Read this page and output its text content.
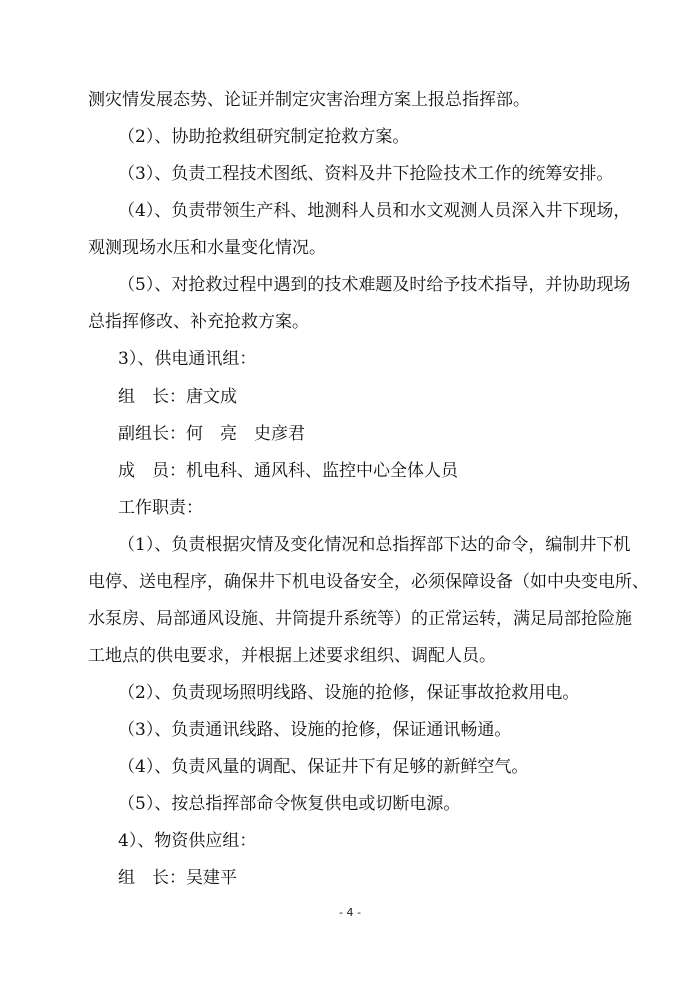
测灾情发展态势、论证并制定灾害治理方案上报总指挥部。
（2）、协助抢救组研究制定抢救方案。
（3）、负责工程技术图纸、资料及井下抢险技术工作的统筹安排。
（4）、负责带领生产科、地测科人员和水文观测人员深入井下现场，
观测现场水压和水量变化情况。
（5）、对抢救过程中遇到的技术难题及时给予技术指导，并协助现场
总指挥修改、补充抢救方案。
3）、供电通讯组：
组　长：唐文成
副组长：何　亮　史彦君
成　员：机电科、通风科、监控中心全体人员
工作职责：
（1）、负责根据灾情及变化情况和总指挥部下达的命令，编制井下机
电停、送电程序，确保井下机电设备安全，必须保障设备（如中央变电所、
水泵房、局部通风设施、井筒提升系统等）的正常运转，满足局部抢险施
工地点的供电要求，并根据上述要求组织、调配人员。
（2）、负责现场照明线路、设施的抢修，保证事故抢救用电。
（3）、负责通讯线路、设施的抢修，保证通讯畅通。
（4）、负责风量的调配、保证井下有足够的新鲜空气。
（5）、按总指挥部命令恢复供电或切断电源。
4）、物资供应组：
组　长：吴建平
- 4 -
